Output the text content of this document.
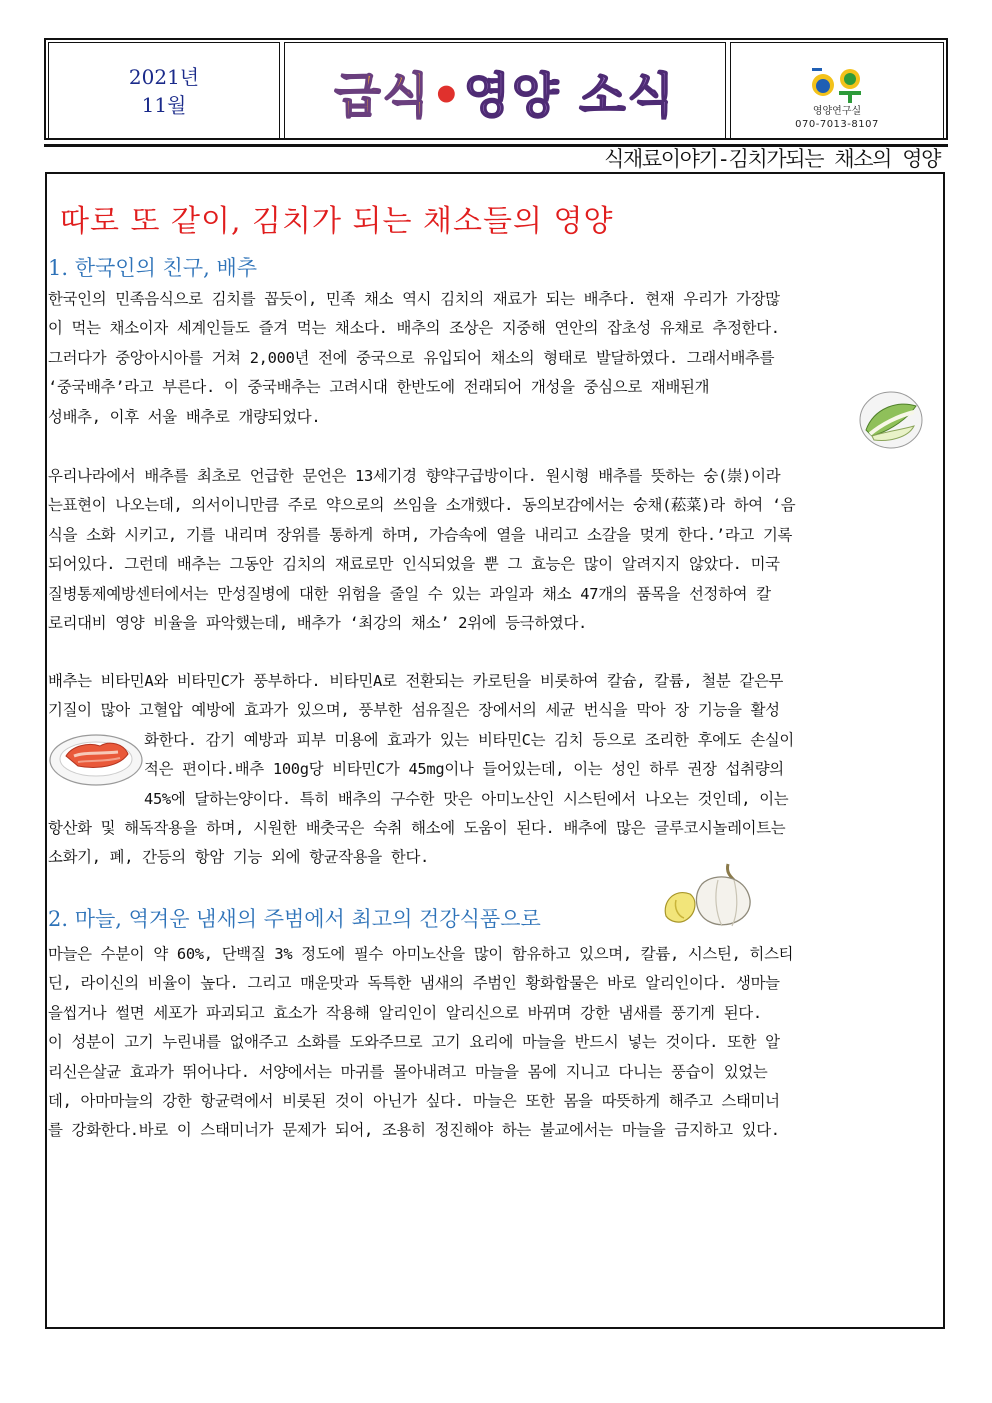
2021년
11월	급식•영양 소식	영양연구실
070-7013-8107
식재료이야기-김치가되는 채소의 영양
따로 또 같이, 김치가 되는 채소들의 영양
1. 한국인의 친구, 배추
한국인의 민족음식으로 김치를 꼽듯이, 민족 채소 역시 김치의 재료가 되는 배추다. 현재 우리가 가장많
이 먹는 채소이자 세계인들도 즐겨 먹는 채소다. 배추의 조상은 지중해 연안의 잡초성 유채로 추정한다.
그러다가 중앙아시아를 거쳐 2,000년 전에 중국으로 유입되어 채소의 형태로 발달하였다. 그래서배추를
‘중국배추’라고 부른다. 이 중국배추는 고려시대 한반도에 전래되어 개성을 중심으로 재배된개
성배추, 이후 서울 배추로 개량되었다.
우리나라에서 배추를 최초로 언급한 문언은 13세기경 향약구급방이다. 원시형 배추를 뜻하는 숭(崇)이라
는표현이 나오는데, 의서이니만큼 주로 약으로의 쓰임을 소개했다. 동의보감에서는 숭채(菘菜)라 하여 ‘음
식을 소화 시키고, 기를 내리며 장위를 통하게 하며, 가슴속에 열을 내리고 소갈을 멎게 한다.’라고 기록
되어있다. 그런데 배추는 그동안 김치의 재료로만 인식되었을 뿐 그 효능은 많이 알려지지 않았다. 미국
질병통제예방센터에서는 만성질병에 대한 위험을 줄일 수 있는 과일과 채소 47개의 품목을 선정하여 칼
로리대비 영양 비율을 파악했는데, 배추가 ‘최강의 채소’ 2위에 등극하였다.
배추는 비타민A와 비타민C가 풍부하다. 비타민A로 전환되는 카로틴을 비롯하여 칼슘, 칼륨, 철분 같은무
기질이 많아 고혈압 예방에 효과가 있으며, 풍부한 섬유질은 장에서의 세균 번식을 막아 장 기능을 활성
화한다. 감기 예방과 피부 미용에 효과가 있는 비타민C는 김치 등으로 조리한 후에도 손실이
적은 편이다.배추 100g당 비타민C가 45mg이나 들어있는데, 이는 성인 하루 권장 섭취량의
45%에 달하는양이다. 특히 배추의 구수한 맛은 아미노산인 시스틴에서 나오는 것인데, 이는
항산화 및 해독작용을 하며, 시원한 배춧국은 숙취 해소에 도움이 된다. 배추에 많은 글루코시놀레이트는
소화기, 폐, 간등의 항암 기능 외에 항균작용을 한다.
2. 마늘, 역겨운 냄새의 주범에서 최고의 건강식품으로
마늘은 수분이 약 60%, 단백질 3% 정도에 필수 아미노산을 많이 함유하고 있으며, 칼륨, 시스틴, 히스티
딘, 라이신의 비율이 높다. 그리고 매운맛과 독특한 냄새의 주범인 황화합물은 바로 알리인이다. 생마늘
을씹거나 썰면 세포가 파괴되고 효소가 작용해 알리인이 알리신으로 바뀌며 강한 냄새를 풍기게 된다.
이 성분이 고기 누린내를 없애주고 소화를 도와주므로 고기 요리에 마늘을 반드시 넣는 것이다. 또한 알
리신은살균 효과가 뛰어나다. 서양에서는 마귀를 몰아내려고 마늘을 몸에 지니고 다니는 풍습이 있었는
데, 아마마늘의 강한 항균력에서 비롯된 것이 아닌가 싶다. 마늘은 또한 몸을 따뜻하게 해주고 스태미너
를 강화한다.바로 이 스태미너가 문제가 되어, 조용히 정진해야 하는 불교에서는 마늘을 금지하고 있다.
